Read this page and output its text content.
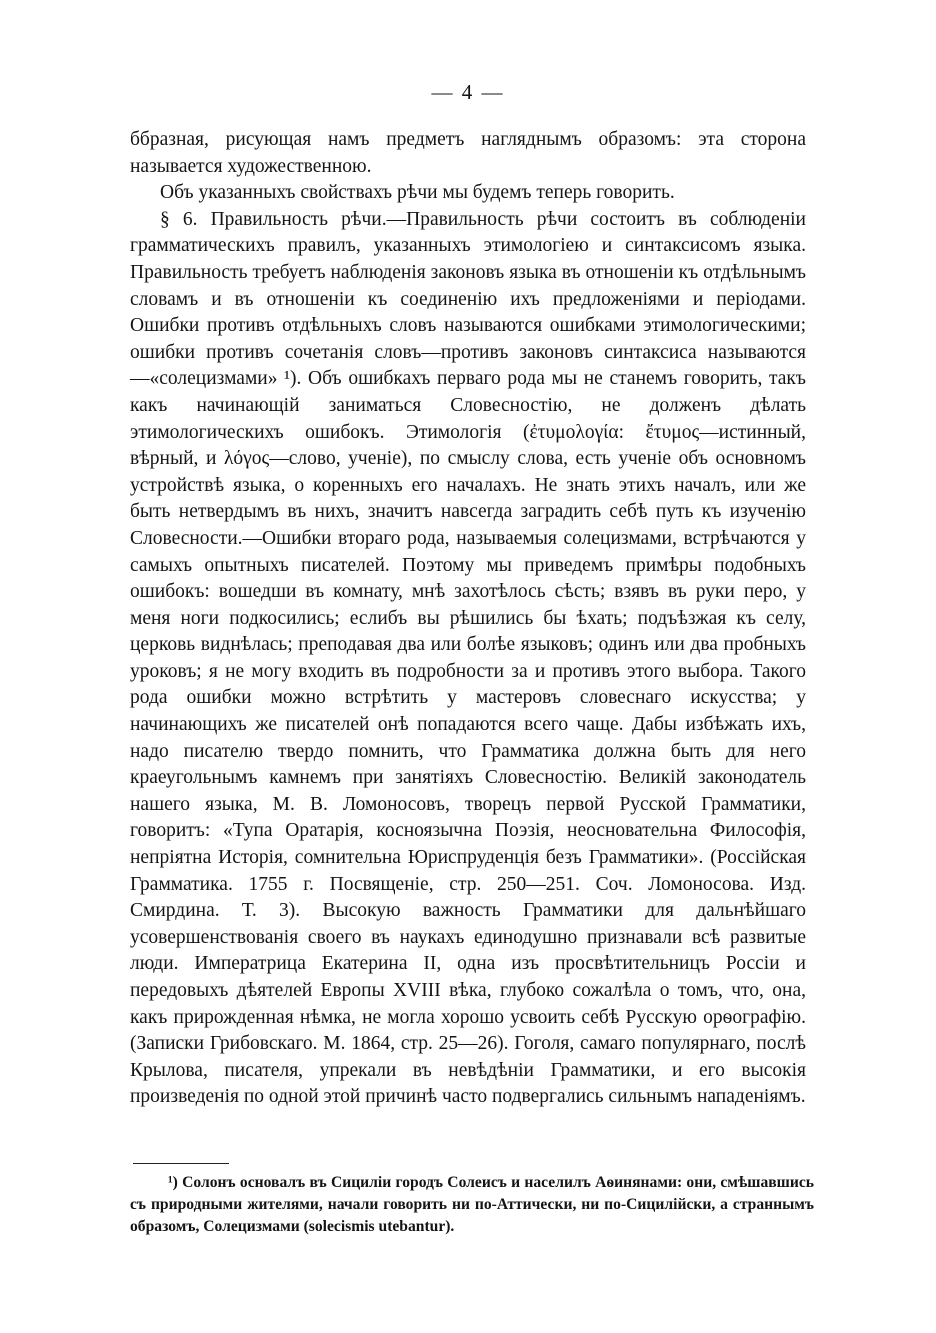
— 4 —

ббразная, рисующая намъ предметъ нагляднымъ образомъ: эта сторона называется художественною.

Объ указанныхъ свойствахъ рѣчи мы будемъ теперь говорить.

§ 6. Правильность рѣчи.—Правильность рѣчи состоитъ въ соблюденіи грамматическихъ правилъ, указанныхъ этимологіею и синтаксисомъ языка. Правильность требуетъ наблюденія законовъ языка въ отношеніи къ отдѣльнымъ словамъ и въ отношеніи къ соединенію ихъ предложеніями и періодами. Ошибки противъ отдѣльныхъ словъ называются ошибками этимологическими; ошибки противъ сочетанія словъ—противъ законовъ синтаксиса называются—«солецизмами» ¹). Объ ошибкахъ перваго рода мы не станемъ говорить, такъ какъ начинающій заниматься Словесностію, не долженъ дѣлать этимологическихъ ошибокъ. Этимологія (ἐτυμολογία: ἔτυμος—истинный, вѣрный, и λόγος—слово, ученіе), по смыслу слова, есть ученіе объ основномъ устройствѣ языка, о коренныхъ его началахъ. Не знать этихъ началъ, или же быть нетвердымъ въ нихъ, значитъ навсегда заградить себѣ путь къ изученію Словесности.—Ошибки втораго рода, называемыя солецизмами, встрѣчаются у самыхъ опытныхъ писателей. Поэтому мы приведемъ примѣры подобныхъ ошибокъ: вошедши въ комнату, мнѣ захотѣлось сѣсть; взявъ въ руки перо, у меня ноги подкосились; еслибъ вы рѣшились бы ѣхать; подъѣзжая къ селу, церковь виднѣлась; преподавая два или болѣе языковъ; одинъ или два пробныхъ уроковъ; я не могу входить въ подробности за и противъ этого выбора. Такого рода ошибки можно встрѣтить у мастеровъ словеснаго искусства; у начинающихъ же писателей онѣ попадаются всего чаще. Дабы избѣжать ихъ, надо писателю твердо помнить, что Грамматика должна быть для него краеугольнымъ камнемъ при занятіяхъ Словесностію. Великій законодатель нашего языка, М. В. Ломоносовъ, творецъ первой Русской Грамматики, говоритъ: «Тупа Оратарія, косноязычна Поэзія, неосновательна Философія, непріятна Исторія, сомнительна Юриспруденція безъ Грамматики». (Россійская Грамматика. 1755 г. Посвященіе, стр. 250—251. Соч. Ломоносова. Изд. Смирдина. Т. 3). Высокую важность Грамматики для дальнѣйшаго усовершенствованія своего въ наукахъ единодушно признавали всѣ развитые люди. Императрица Екатерина II, одна изъ просвѣтительницъ Россіи и передовыхъ дѣятелей Европы XVIII вѣка, глубоко сожалѣла о томъ, что, она, какъ прирожденная нѣмка, не могла хорошо усвоить себѣ Русскую орѳографію. (Записки Грибовскаго. М. 1864, стр. 25—26). Гоголя, самаго популярнаго, послѣ Крылова, писателя, упрекали въ невѣдѣніи Грамматики, и его высокія произведенія по одной этой причинѣ часто подвергались сильнымъ нападеніямъ.

¹) Солонъ основалъ въ Сициліи городъ Солеисъ и населилъ Аѳинянами: они, смѣшавшись съ природными жителями, начали говорить ни по-Аттически, ни по-Сицилійски, а страннымъ образомъ, Солецизмами (solecismis utebantur).
